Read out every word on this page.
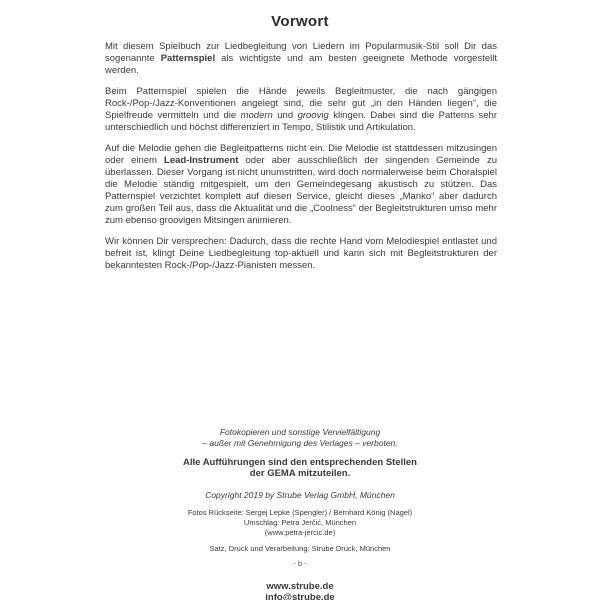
Vorwort

Mit diesem Spielbuch zur Liedbegleitung von Liedern im Popularmusik-Stil soll Dir das sogenannte Patternspiel als wichtigste und am besten geeignete Methode vorgestellt werden.

Beim Patternspiel spielen die Hände jeweils Begleitmuster, die nach gängigen Rock-/Pop-/Jazz-Konventionen angelegt sind, die sehr gut „in den Händen liegen“, die Spielfreude vermitteln und die modern und groovig klingen. Dabei sind die Patterns sehr unterschiedlich und höchst differenziert in Tempo, Stilistik und Artikulation.

Auf die Melodie gehen die Begleitpatterns nicht ein. Die Melodie ist stattdessen mitzusingen oder einem Lead-Instrument oder aber ausschließlich der singenden Gemeinde zu überlassen. Dieser Vorgang ist nicht unumstritten, wird doch normalerweise beim Choralspiel die Melodie ständig mitgespielt, um den Gemeindegesang akustisch zu stützen. Das Patternspiel verzichtet komplett auf diesen Service, gleicht dieses „Manko“ aber dadurch zum großen Teil aus, dass die Aktualität und die „Coolness“ der Begleitstrukturen umso mehr zum ebenso groovigen Mitsingen animieren.

Wir können Dir versprechen: Dadurch, dass die rechte Hand vom Melodiespiel entlastet und befreit ist, klingt Deine Liedbegleitung top-aktuell und kann sich mit Begleitstrukturen der bekanntesten Rock-/Pop-/Jazz-Pianisten messen.

Fotokopieren und sonstige Vervielfältigung

– außer mit Genehmigung des Verlages – verboten.

Alle Aufführungen sind den entsprechenden Stellen

der GEMA mitzuteilen.

Copyright 2019 by Strube Verlag GmbH, München

Fotos Rückseite: Sergej Lepke (Spengler) / Bernhard König (Nagel)

Umschlag: Petra Jerčić, München

(www.petra-jercic.de)

Satz, Druck und Verarbeitung: Strube Druck, München

- b -

www.strube.de

info@strube.de
